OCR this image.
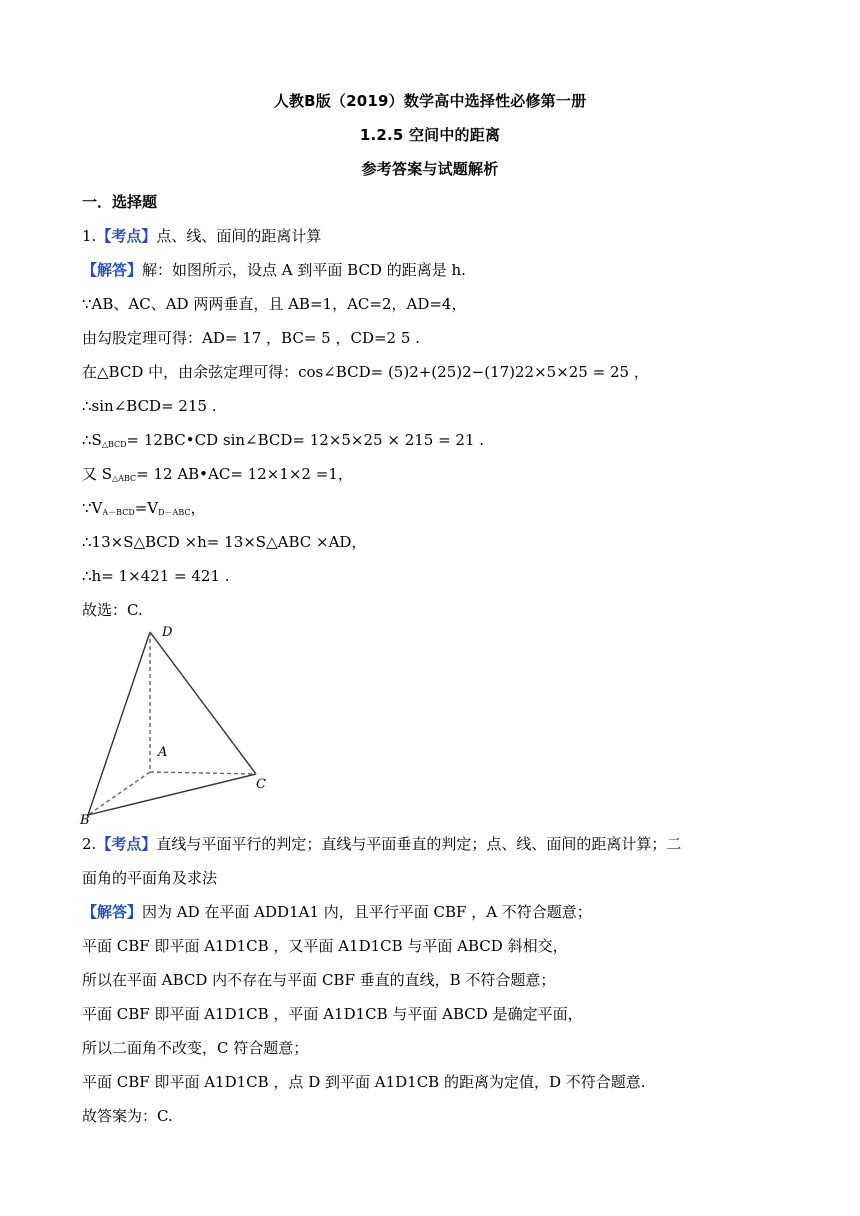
人教B版（2019）数学高中选择性必修第一册
1.2.5 空间中的距离
参考答案与试题解析
一．选择题
1.【考点】点、线、面间的距离计算
【解答】解：如图所示，设点 A 到平面 BCD 的距离是 h.
∵AB、AC、AD 两两垂直，且 AB=1，AC=2，AD=4，
由勾股定理可得：AD= 17 ，BC= 5 ，CD=2 5 .
在△BCD 中，由余弦定理可得：cos∠BCD= (5)2+(25)2−(17)22×5×25 = 25 ，
∴sin∠BCD= 215 .
$\therefore S_{\triangle BCD}=$ 12BC•CD sin∠BCD= 12×5×25 × 215 = 21 .
又 $S_{\triangle ABC}= 12$ AB•AC= 12×1×2 =1，
$\because V_{A-BCD}=V_{D-ABC}$，
∴13×S△BCD ×h= 13×S△ABC ×AD，
∴h= 1×421 = 421 .
故选：C.
D
A
C
B
2.【考点】直线与平面平行的判定；直线与平面垂直的判定；点、线、面间的距离计算；二
面角的平面角及求法
【解答】因为 AD 在平面 ADD1A1 内，且平行平面 CBF ，A 不符合题意；
平面 CBF 即平面 A1D1CB ，又平面 A1D1CB 与平面 ABCD 斜相交，
所以在平面 ABCD 内不存在与平面 CBF 垂直的直线，B 不符合题意；
平面 CBF 即平面 A1D1CB ，平面 A1D1CB 与平面 ABCD 是确定平面，
所以二面角不改变，C 符合题意；
平面 CBF 即平面 A1D1CB ，点 D 到平面 A1D1CB 的距离为定值，D 不符合题意.
故答案为：C.
